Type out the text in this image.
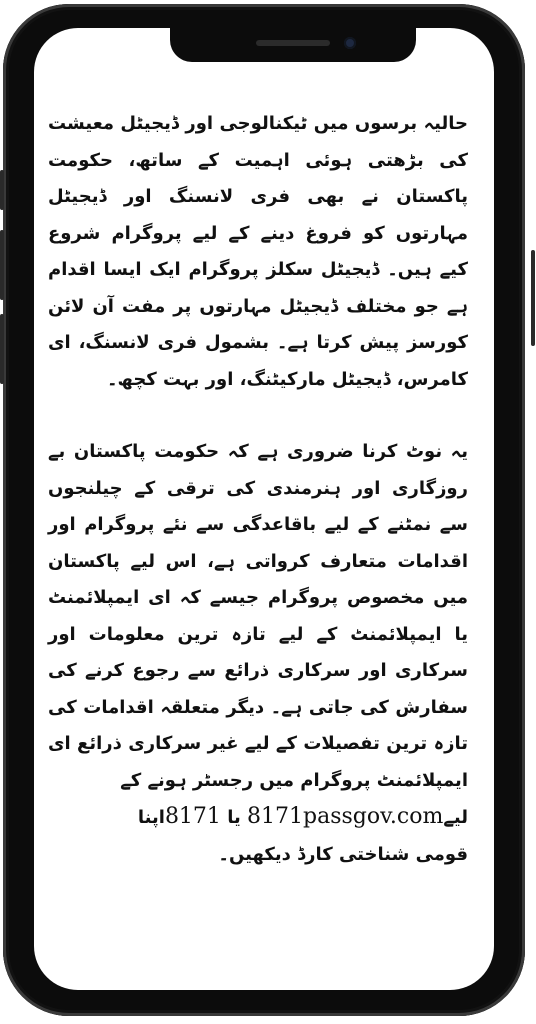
حالیہ برسوں میں ٹیکنالوجی اور ڈیجیٹل معیشت کی بڑھتی ہوئی اہمیت کے ساتھ، حکومت پاکستان نے بھی فری لانسنگ اور ڈیجیٹل مہارتوں کو فروغ دینے کے لیے پروگرام شروع کیے ہیں۔ ڈیجیٹل سکلز پروگرام ایک ایسا اقدام ہے جو مختلف ڈیجیٹل مہارتوں پر مفت آن لائن کورسز پیش کرتا ہے۔ بشمول فری لانسنگ، ای کامرس، ڈیجیٹل مارکیٹنگ، اور بہت کچھ۔

یہ نوٹ کرنا ضروری ہے کہ حکومت پاکستان بے روزگاری اور ہنرمندی کی ترقی کے چیلنجوں سے نمٹنے کے لیے باقاعدگی سے نئے پروگرام اور اقدامات متعارف کرواتی ہے، اس لیے پاکستان میں مخصوص پروگرام جیسے کہ ای ایمپلائمنٹ یا ایمپلائمنٹ کے لیے تازہ ترین معلومات اور سرکاری اور سرکاری ذرائع سے رجوع کرنے کی سفارش کی جاتی ہے۔ دیگر متعلقہ اقدامات کی تازہ ترین تفصیلات کے لیے غیر سرکاری ذرائع ای ایمپلائمنٹ پروگرام میں رجسٹر ہونے کے

لیے8171passgov.com یا 8171اپنا

قومی شناختی کارڈ دیکھیں۔
